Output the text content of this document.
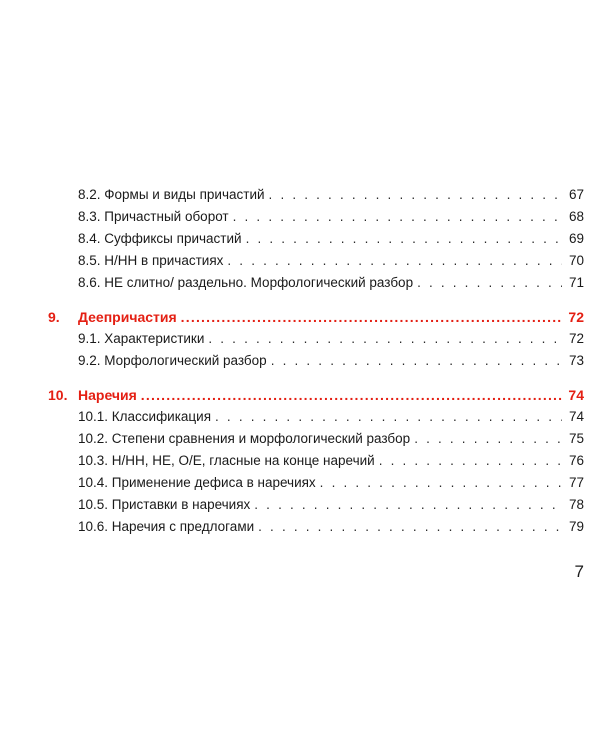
8.2. Формы и виды причастий . . .	67
8.3. Причастный оборот . . .	68
8.4. Суффиксы причастий . . .	69
8.5. Н/НН в причастиях . . .	70
8.6. НЕ слитно/ раздельно. Морфологический разбор . . .	71
9. Деепричастия .....	72
9.1. Характеристики . . .	72
9.2. Морфологический разбор . . .	73
10. Наречия .....	74
10.1. Классификация . . .	74
10.2. Степени сравнения и морфологический разбор . . .	75
10.3. Н/НН, НЕ, О/Е, гласные на конце наречий . . .	76
10.4. Применение дефиса в наречиях . . .	77
10.5. Приставки в наречиях . . .	78
10.6. Наречия с предлогами . . .	79
7
